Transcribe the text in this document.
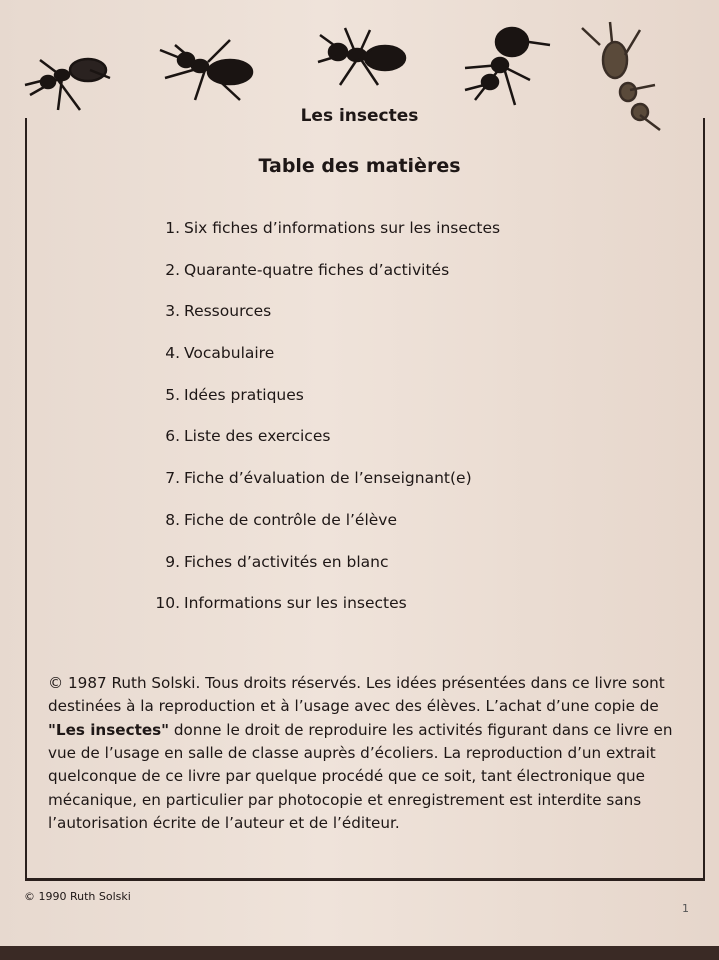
Les insectes
Table des matières
1. Six fiches d’informations sur les insectes
2. Quarante-quatre fiches d’activités
3. Ressources
4. Vocabulaire
5. Idées pratiques
6. Liste des exercices
7. Fiche d’évaluation de l’enseignant(e)
8. Fiche de contrôle de l’élève
9. Fiches d’activités en blanc
10. Informations sur les insectes

© 1987 Ruth Solski. Tous droits réservés. Les idées présentées dans ce livre sont destinées à la reproduction et à l’usage avec des élèves. L’achat d’une copie de "Les insectes" donne le droit de reproduire les activités figurant dans ce livre en vue de l’usage en salle de classe auprès d’écoliers. La reproduction d’un extrait quelconque de ce livre par quelque procédé que ce soit, tant électronique que mécanique, en particulier par photocopie et enregistrement est interdite sans l’autorisation écrite de l’auteur et de l’éditeur.

© 1990 Ruth Solski
1
